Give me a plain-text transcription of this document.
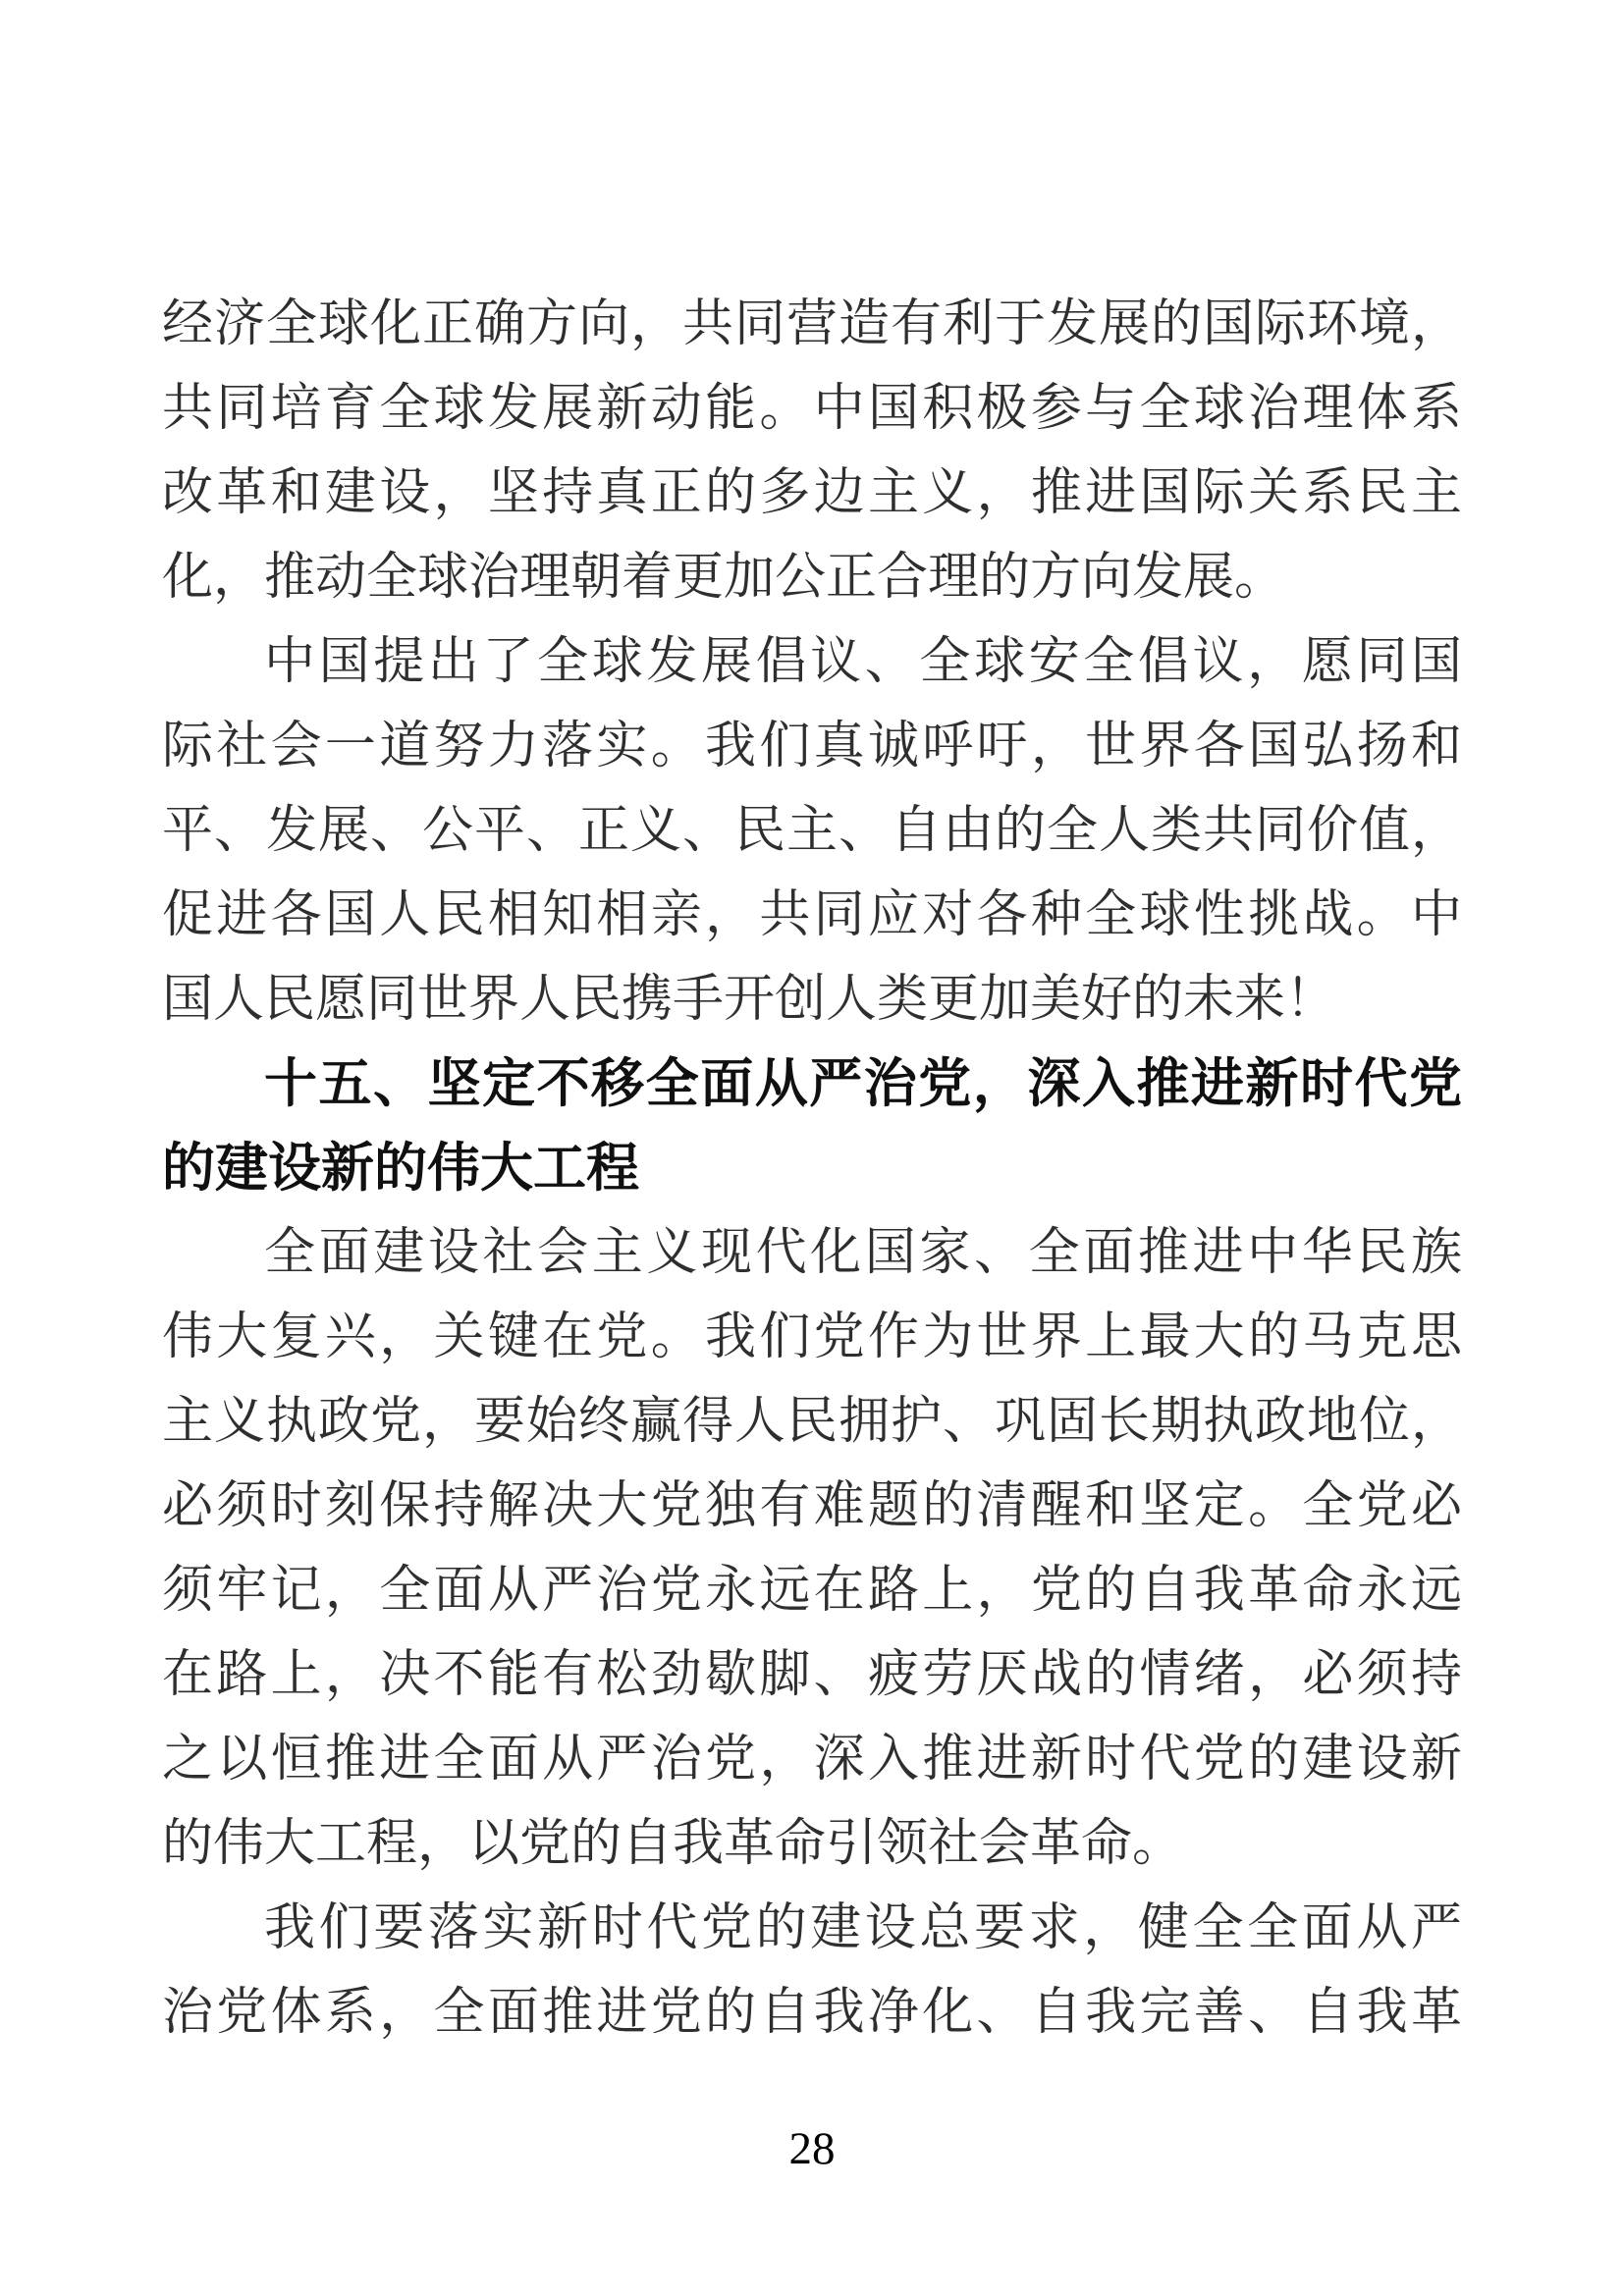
经济全球化正确方向，共同营造有利于发展的国际环境，
共同培育全球发展新动能。中国积极参与全球治理体系
改革和建设，坚持真正的多边主义，推进国际关系民主
化，推动全球治理朝着更加公正合理的方向发展。
中国提出了全球发展倡议、全球安全倡议，愿同国
际社会一道努力落实。我们真诚呼吁，世界各国弘扬和
平、发展、公平、正义、民主、自由的全人类共同价值，
促进各国人民相知相亲，共同应对各种全球性挑战。中
国人民愿同世界人民携手开创人类更加美好的未来！
十五、坚定不移全面从严治党，深入推进新时代党
的建设新的伟大工程
全面建设社会主义现代化国家、全面推进中华民族
伟大复兴，关键在党。我们党作为世界上最大的马克思
主义执政党，要始终赢得人民拥护、巩固长期执政地位，
必须时刻保持解决大党独有难题的清醒和坚定。全党必
须牢记，全面从严治党永远在路上，党的自我革命永远
在路上，决不能有松劲歇脚、疲劳厌战的情绪，必须持
之以恒推进全面从严治党，深入推进新时代党的建设新
的伟大工程，以党的自我革命引领社会革命。
我们要落实新时代党的建设总要求，健全全面从严
治党体系，全面推进党的自我净化、自我完善、自我革
28
